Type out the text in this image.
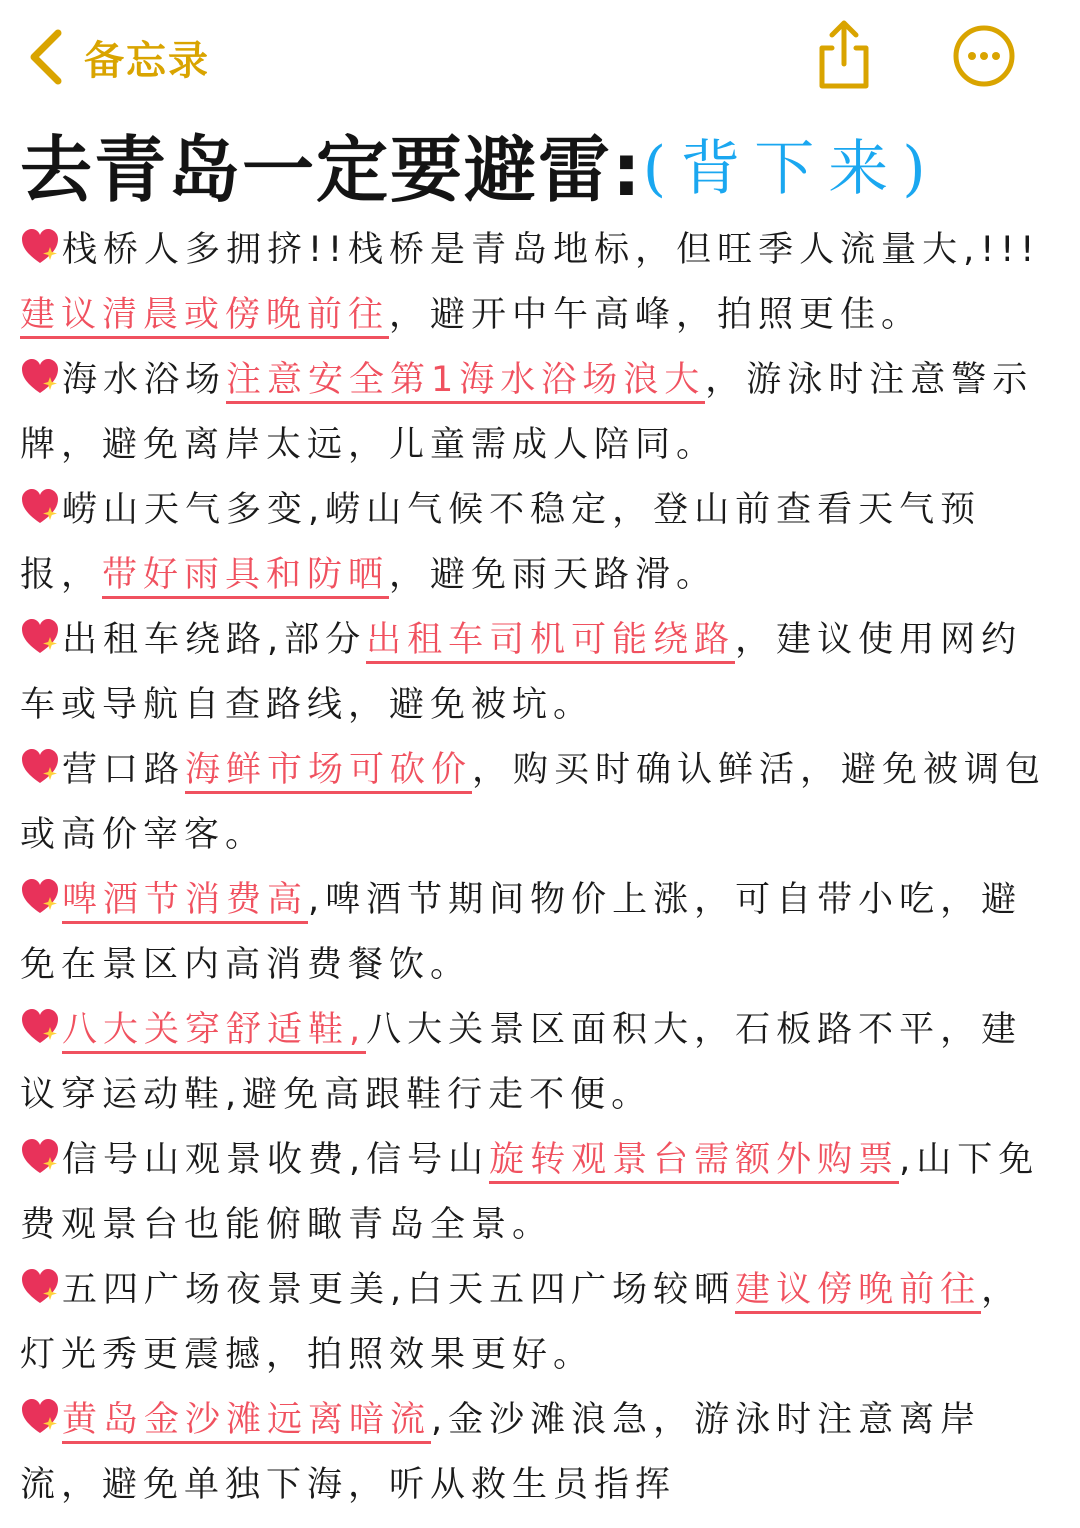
备忘录
去青岛一定要避雷:(背下来)
栈桥人多拥挤!!栈桥是青岛地标，但旺季人流量大,!!! 建议清晨或傍晚前往，避开中午高峰，拍照更佳。
海水浴场注意安全第1海水浴场浪大，游泳时注意警示牌，避免离岸太远，儿童需成人陪同。
崂山天气多变,崂山气候不稳定，登山前查看天气预报，带好雨具和防晒，避免雨天路滑。
出租车绕路,部分出租车司机可能绕路，建议使用网约车或导航自查路线，避免被坑。
营口路海鲜市场可砍价，购买时确认鲜活，避免被调包或高价宰客。
啤酒节消费高,啤酒节期间物价上涨，可自带小吃，避免在景区内高消费餐饮。
八大关穿舒适鞋,八大关景区面积大，石板路不平，建议穿运动鞋,避免高跟鞋行走不便。
信号山观景收费,信号山旋转观景台需额外购票,山下免费观景台也能俯瞰青岛全景。
五四广场夜景更美,白天五四广场较晒建议傍晚前往，灯光秀更震撼，拍照效果更好。
黄岛金沙滩远离暗流,金沙滩浪急，游泳时注意离岸流，避免单独下海，听从救生员指挥
